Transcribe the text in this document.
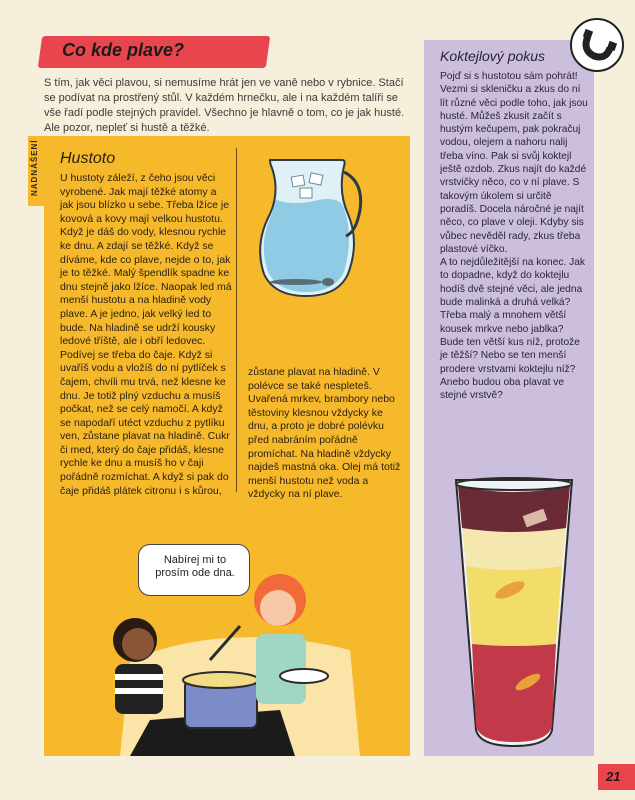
Co kde plave?
S tím, jak věci plavou, si nemusíme hrát jen ve vaně nebo v rybnice. Stačí se podívat na prostřený stůl. V každém hrnečku, ale i na každém talíři se vše řadí podle stejných pravidel. Všechno je hlavně o tom, co je jak husté. Ale pozor, nepleť si hustě a těžké.
NADNÁŠENÍ Hustoto

U hustoty záleží, z čeho jsou věci vyrobené. Jak mají těžké atomy a jak jsou blízko u sebe. Třeba lžíce je kovová a kovy mají velkou hustotu. Když je dáš do vody, klesnou rychle ke dnu. A zdají se těžké. Když se díváme, kde co plave, nejde o to, jak je to těžké. Malý špendlík spadne ke dnu stejně jako lžíce. Naopak led má menší hustotu a na hladině vody plave. A je jedno, jak velký led to bude. Na hladině se udrží kousky ledové tříště, ale i obří ledovec.

Podívej se třeba do čaje. Když si uvaříš vodu a vložíš do ní pytlíček s čajem, chvíli mu trvá, než klesne ke dnu. Je totiž plný vzduchu a musíš počkat, než se celý namočí. A když se napodaří utéct vzduchu z pytlíku ven, zůstane plavat na hladině. Cukr či med, který do čaje přidáš, klesne rychle ke dnu a musíš ho v čaji pořádně rozmíchat. A když si pak do čaje přidáš plátek citronu i s kůrou,

zůstane plavat na hladině. V polévce se také nespleteš. Uvařená mrkev, brambory nebo těstoviny klesnou vždycky ke dnu, a proto je dobré polévku před nabráním pořádně promíchat. Na hladině vždycky najdeš mastná oka. Olej má totiž menší hustotu než voda a vždycky na ní plave.

Nabírej mi to prosím ode dna.
Koktejlový pokus

Pojď si s hustotou sám pohrát! Vezmi si skleničku a zkus do ní lít různé věci podle toho, jak jsou husté. Můžeš zkusit začít s hustým kečupem, pak pokračuj vodou, olejem a nahoru nalij třeba víno. Pak si svůj koktejl ještě ozdob. Zkus najít do každé vrstvičky něco, co v ní plave. S takovým úkolem si určitě poradíš. Docela náročné je najít něco, co plave v oleji. Kdyby sis vůbec nevěděl rady, zkus třeba plastové víčko.

A to nejdůležitější na konec. Jak to dopadne, když do koktejlu hodíš dvě stejné věci, ale jedna bude malinká a druhá velká? Třeba malý a mnohem větší kousek mrkve nebo jablka? Bude ten větší kus níž, protože je těžší? Nebo se ten menší prodere vrstvami koktejlu níž? Anebo budou oba plavat ve stejné vrstvě?

21
